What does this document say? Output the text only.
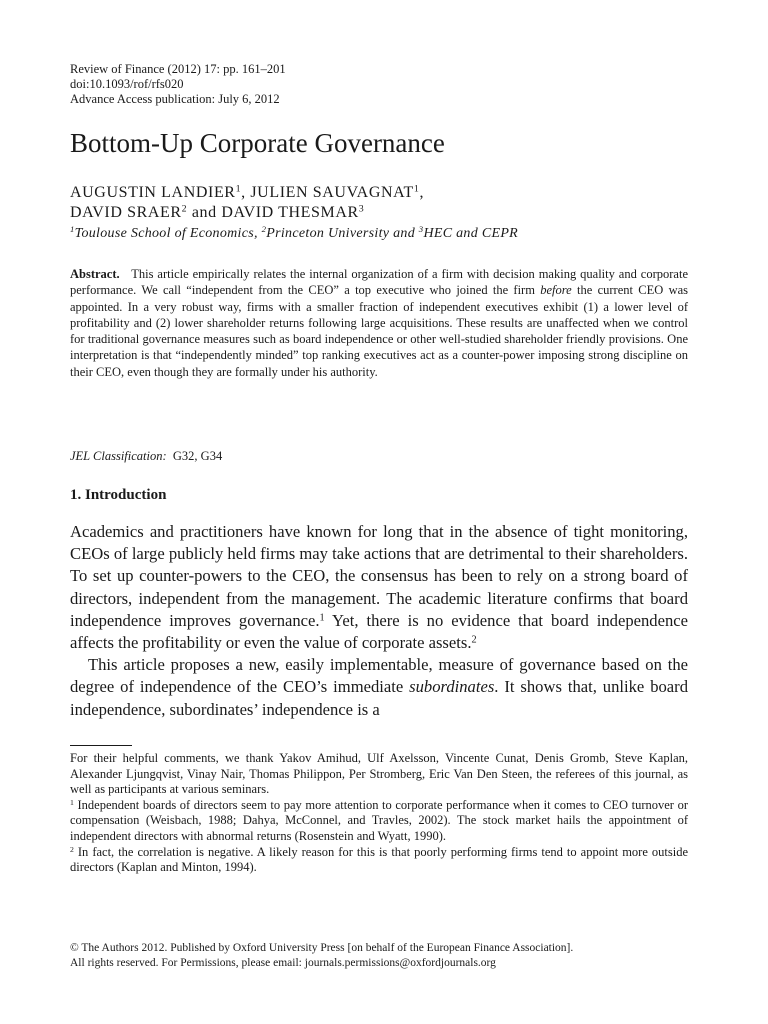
Review of Finance (2012) 17: pp. 161–201
doi:10.1093/rof/rfs020
Advance Access publication: July 6, 2012
Bottom-Up Corporate Governance
AUGUSTIN LANDIER$^1$, JULIEN SAUVAGNAT$^1$,
DAVID SRAER$^2$ and DAVID THESMAR$^3$
$^1$Toulouse School of Economics, $^2$Princeton University and $^3$HEC and CEPR
Abstract. This article empirically relates the internal organization of a firm with decision making quality and corporate performance. We call “independent from the CEO” a top executive who joined the firm before the current CEO was appointed. In a very robust way, firms with a smaller fraction of independent executives exhibit (1) a lower level of profitability and (2) lower shareholder returns following large acquisitions. These results are unaffected when we control for traditional governance measures such as board independence or other well-studied shareholder friendly provisions. One interpretation is that “independently minded” top ranking executives act as a counter-power imposing strong discipline on their CEO, even though they are formally under his authority.
JEL Classification: G32, G34
1. Introduction

Academics and practitioners have known for long that in the absence of tight monitoring, CEOs of large publicly held firms may take actions that are detrimental to their shareholders. To set up counter-powers to the CEO, the consensus has been to rely on a strong board of directors, independent from the management. The academic literature confirms that board independence improves governance.$^1$ Yet, there is no evidence that board independence affects the profitability or even the value of corporate assets.$^2$

This article proposes a new, easily implementable, measure of governance based on the degree of independence of the CEO’s immediate subordinates. It shows that, unlike board independence, subordinates’ independence is a

For their helpful comments, we thank Yakov Amihud, Ulf Axelsson, Vincente Cunat, Denis Gromb, Steve Kaplan, Alexander Ljungqvist, Vinay Nair, Thomas Philippon, Per Stromberg, Eric Van Den Steen, the referees of this journal, as well as participants at various seminars.

$^1$ Independent boards of directors seem to pay more attention to corporate performance when it comes to CEO turnover or compensation (Weisbach, 1988; Dahya, McConnel, and Travles, 2002). The stock market hails the appointment of independent directors with abnormal returns (Rosenstein and Wyatt, 1990).

$^2$ In fact, the correlation is negative. A likely reason for this is that poorly performing firms tend to appoint more outside directors (Kaplan and Minton, 1994).

© The Authors 2012. Published by Oxford University Press [on behalf of the European Finance Association].
All rights reserved. For Permissions, please email: journals.permissions@oxfordjournals.org
